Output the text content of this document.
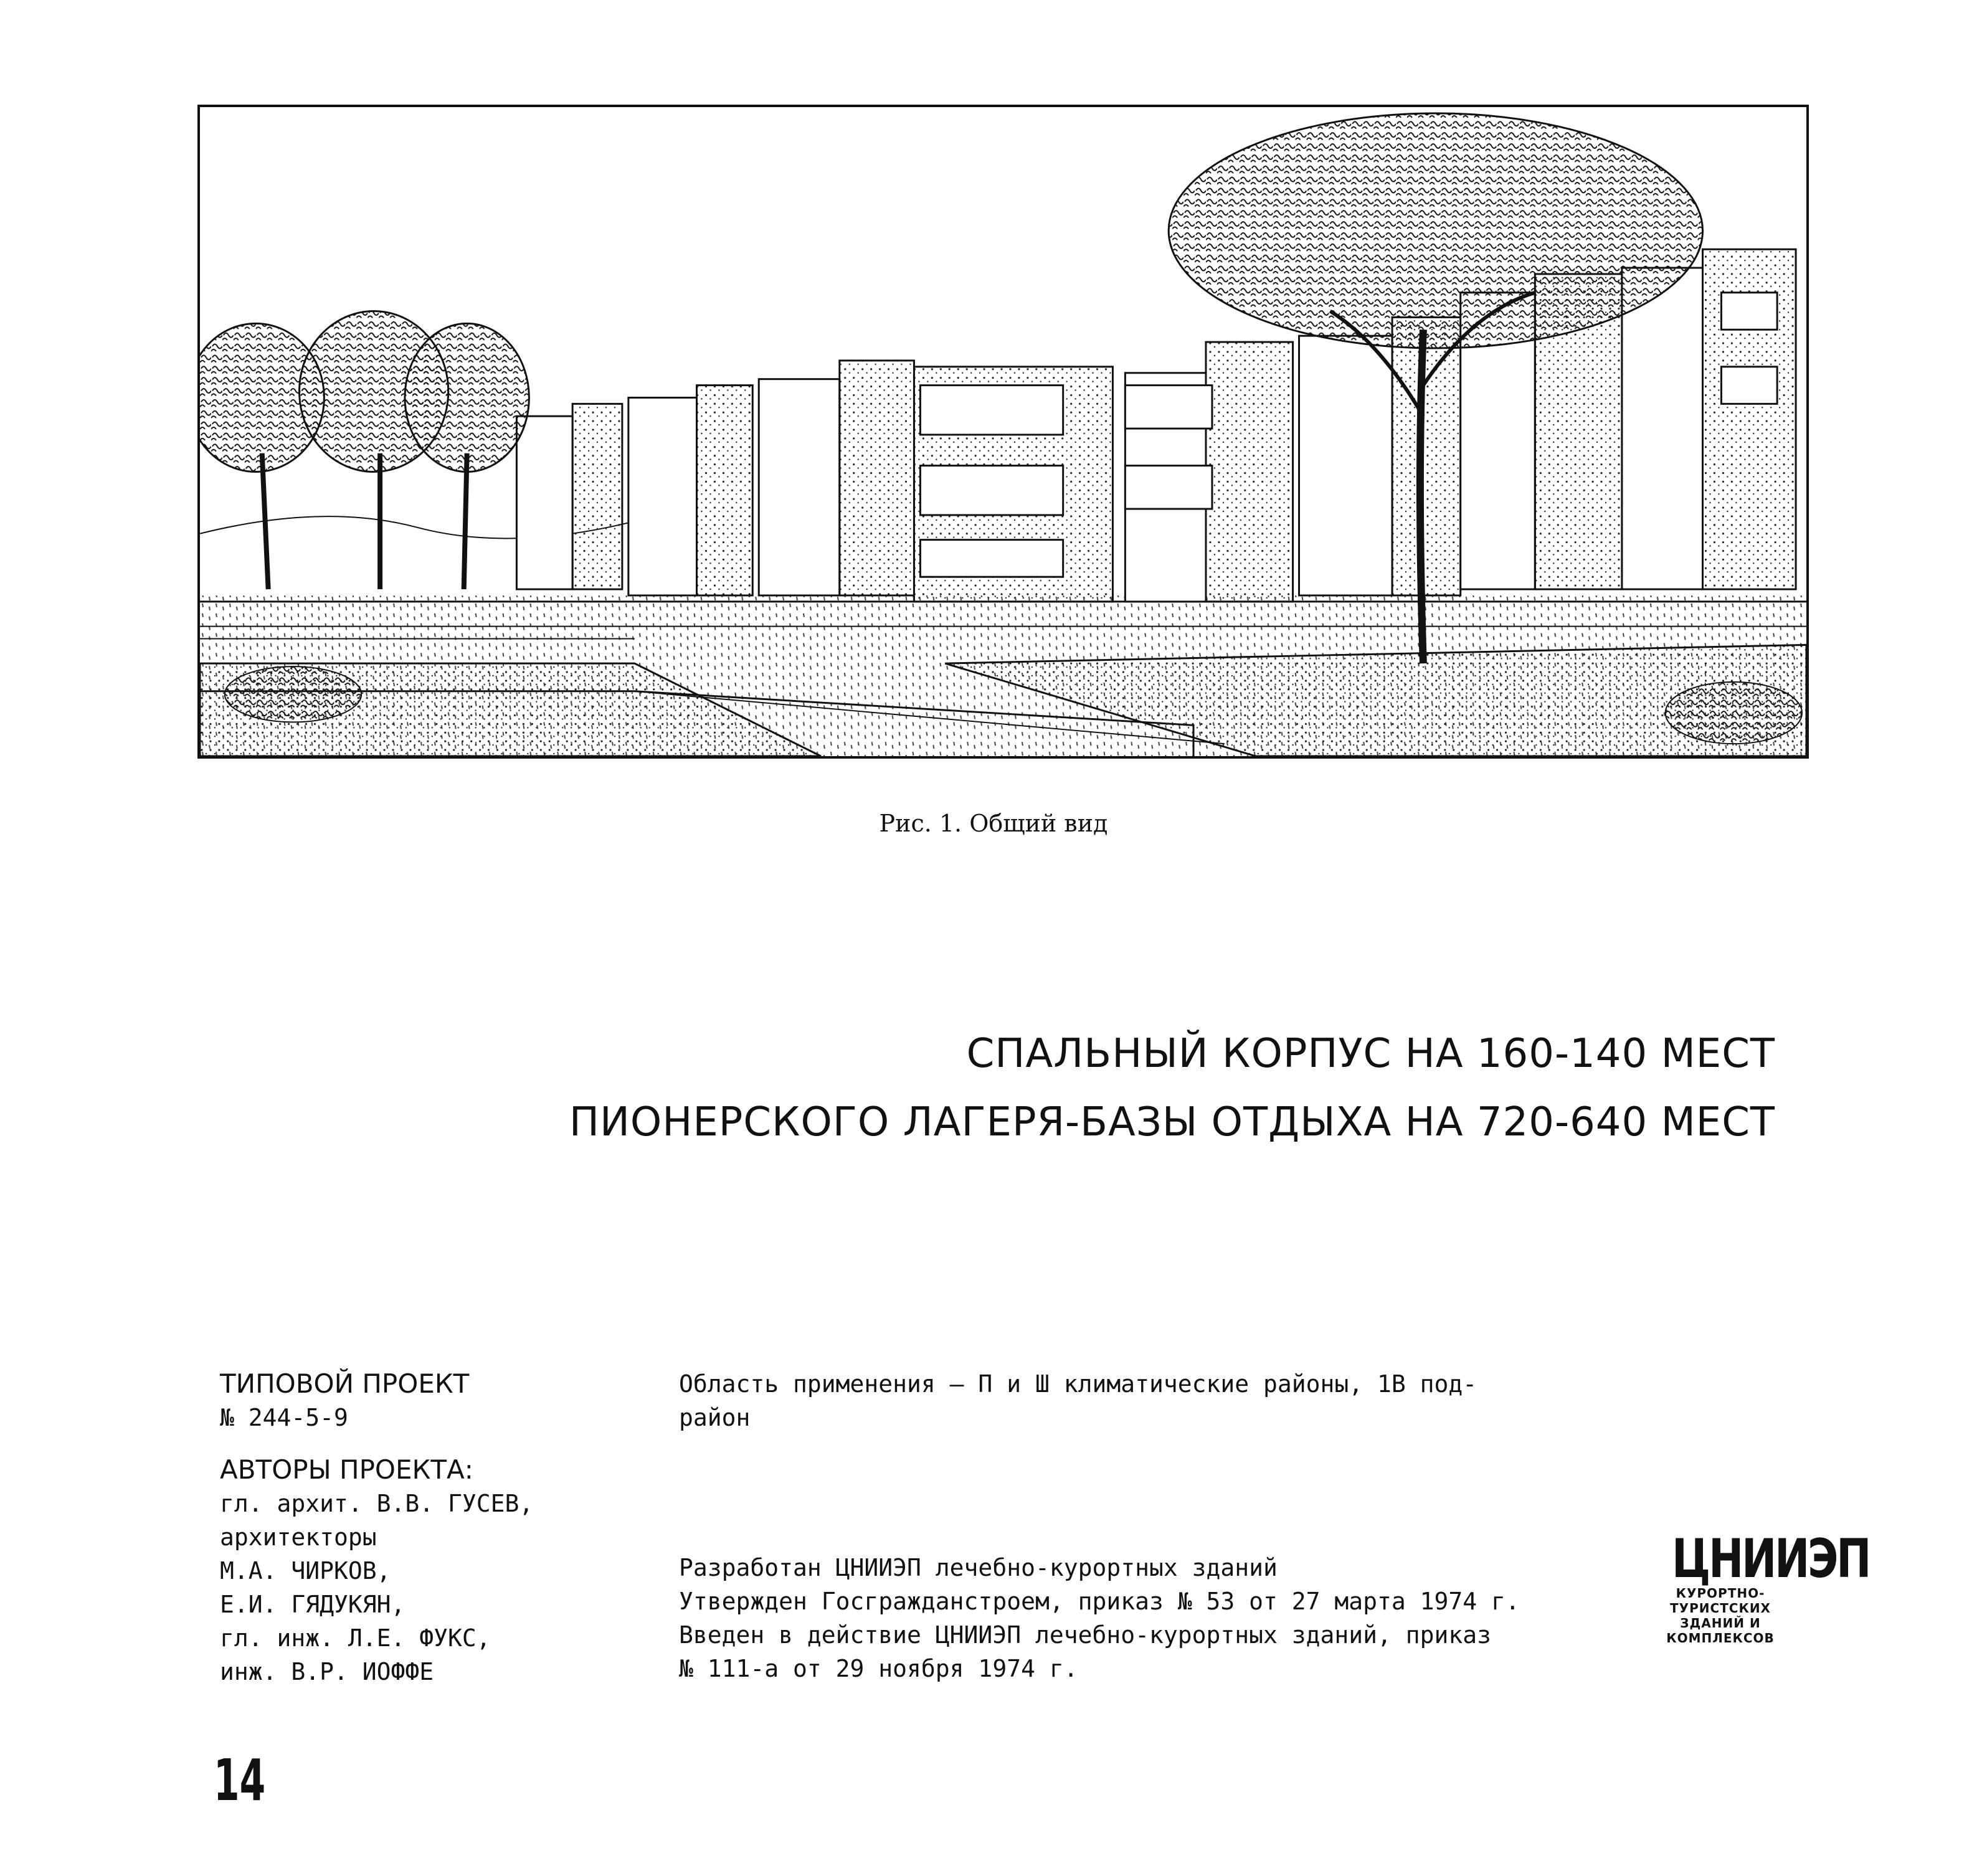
Рис. 1. Общий вид
СПАЛЬНЫЙ КОРПУС НА 160-140 МЕСТ
ПИОНЕРСКОГО ЛАГЕРЯ-БАЗЫ ОТДЫХА НА 720-640 МЕСТ
ТИПОВОЙ ПРОЕКТ
№ 244-5-9
АВТОРЫ ПРОЕКТА:
гл. архит. В.В. ГУСЕВ,
архитекторы
М.А. ЧИРКОВ,
Е.И. ГЯДУКЯН,
гл. инж. Л.Е. ФУКС,
инж. В.Р. ИОФФЕ
Область применения – П и Ш климатические районы, 1В под-
район
Разработан ЦНИИЭП лечебно-курортных зданий
Утвержден Госгражданстроем, приказ № 53 от 27 марта 1974 г.
Введен в действие ЦНИИЭП лечебно-курортных зданий, приказ
№ 111-а от 29 ноября 1974 г.
ЦНИИЭП
КУРОРТНО-
ТУРИСТСКИХ
ЗДАНИЙ И
КОМПЛЕКСОВ
14
